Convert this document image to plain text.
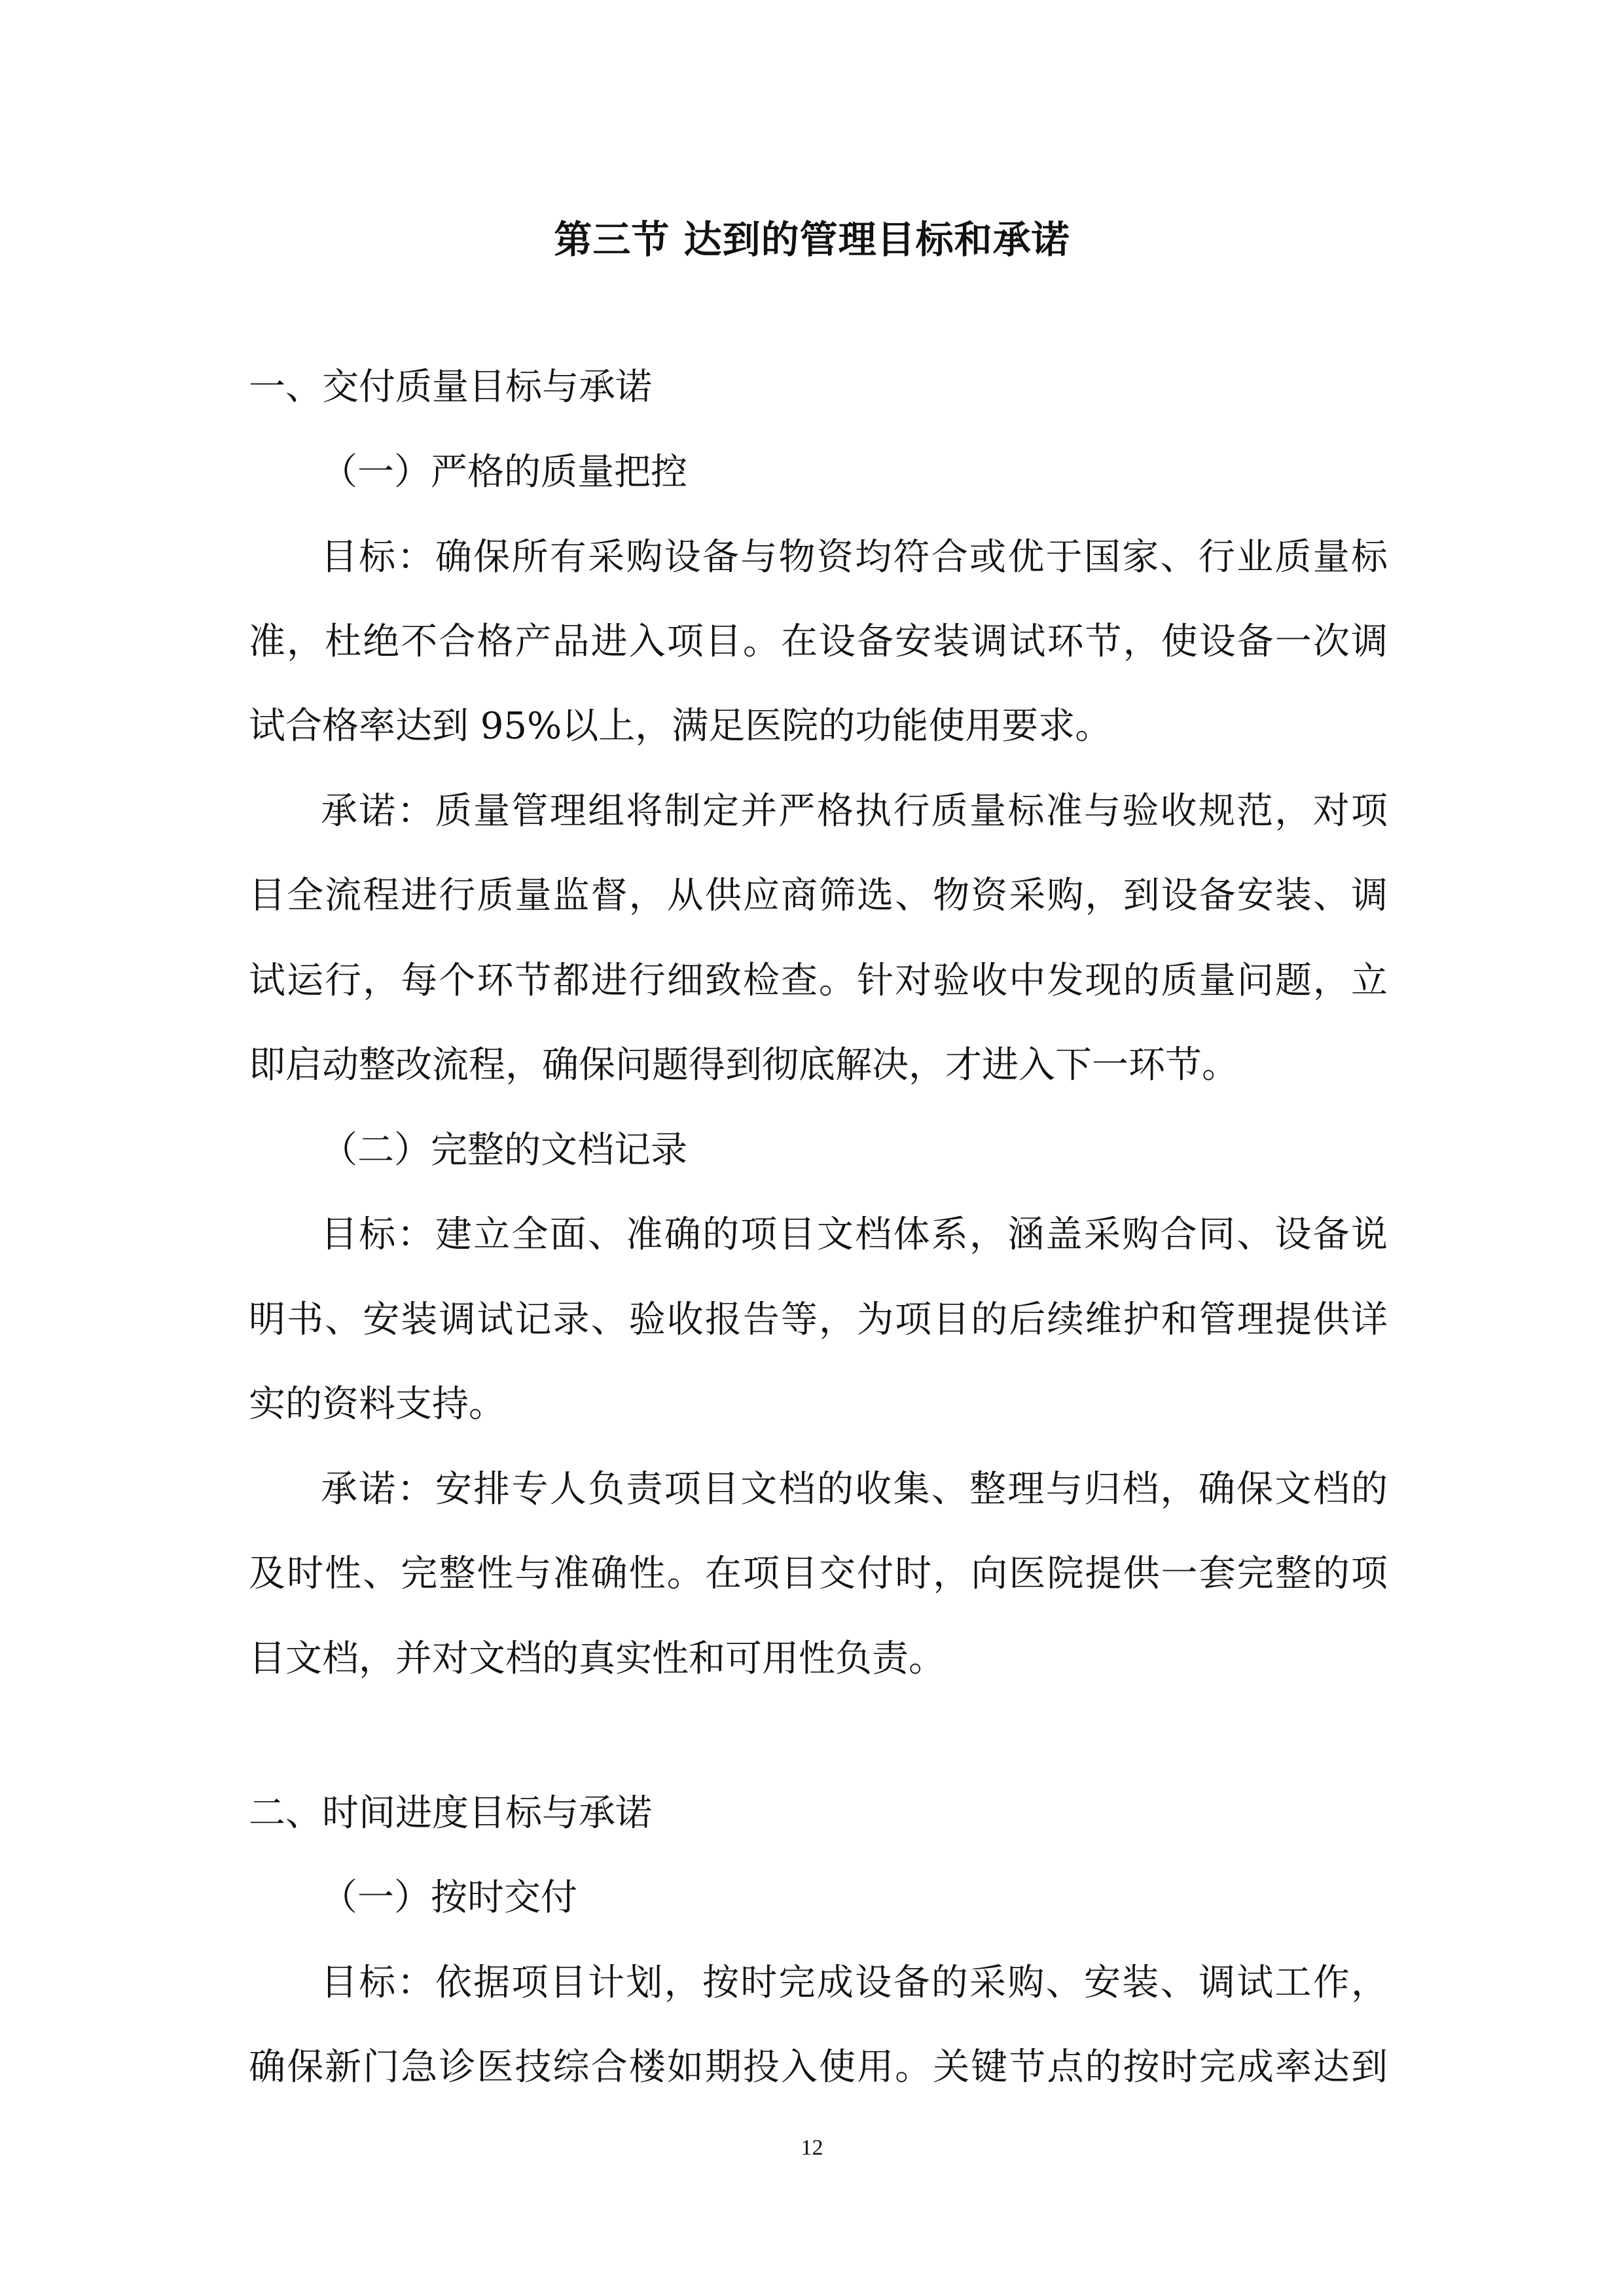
第三节 达到的管理目标和承诺

一、交付质量目标与承诺

（一）严格的质量把控

目标：确保所有采购设备与物资均符合或优于国家、行业质量标

准，杜绝不合格产品进入项目。在设备安装调试环节，使设备一次调

试合格率达到 95%以上，满足医院的功能使用要求。

承诺：质量管理组将制定并严格执行质量标准与验收规范，对项

目全流程进行质量监督，从供应商筛选、物资采购，到设备安装、调

试运行，每个环节都进行细致检查。针对验收中发现的质量问题，立

即启动整改流程，确保问题得到彻底解决，才进入下一环节。

（二）完整的文档记录

目标：建立全面、准确的项目文档体系，涵盖采购合同、设备说

明书、安装调试记录、验收报告等，为项目的后续维护和管理提供详

实的资料支持。

承诺：安排专人负责项目文档的收集、整理与归档，确保文档的

及时性、完整性与准确性。在项目交付时，向医院提供一套完整的项

目文档，并对文档的真实性和可用性负责。

二、时间进度目标与承诺

（一）按时交付

目标：依据项目计划，按时完成设备的采购、安装、调试工作，

确保新门急诊医技综合楼如期投入使用。关键节点的按时完成率达到

12
